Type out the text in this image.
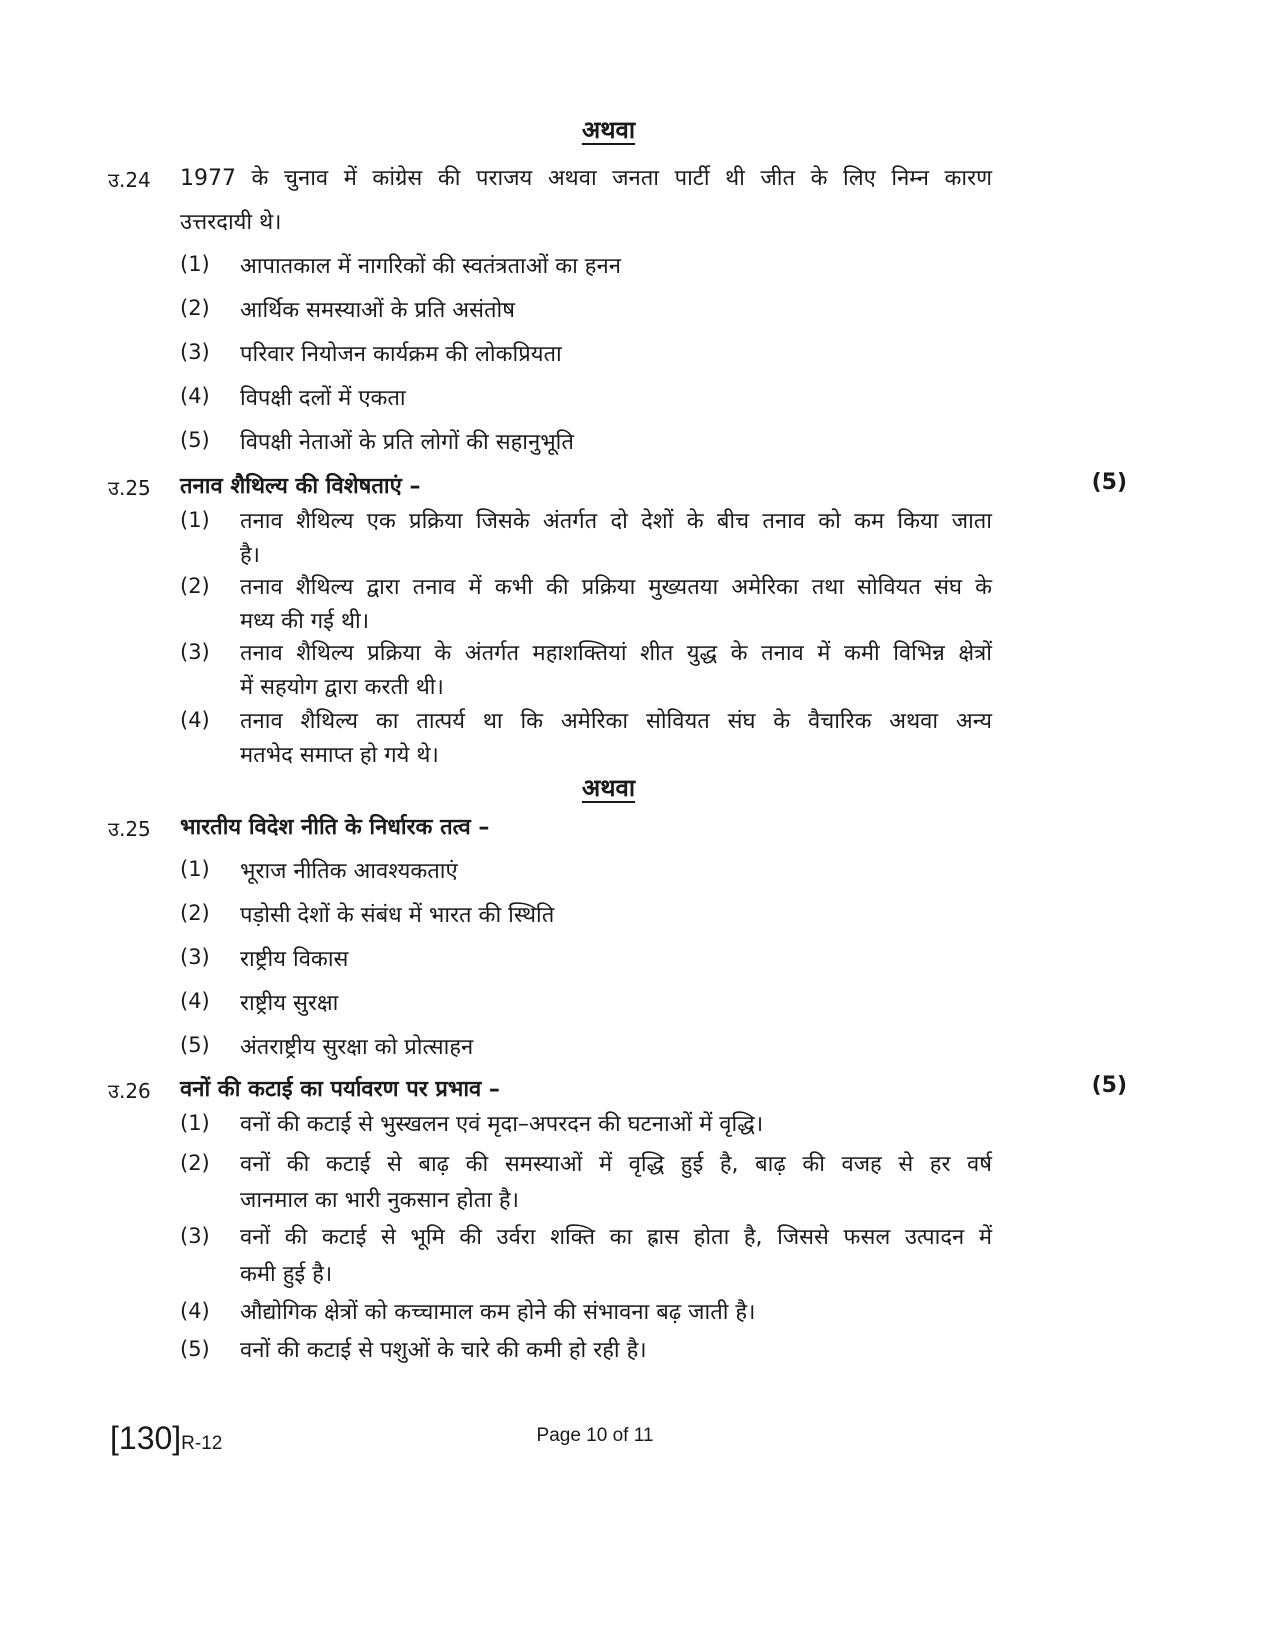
अथवा
उ.24 1977 के चुनाव में कांग्रेस की पराजय अथवा जनता पार्टी थी जीत के लिए निम्न कारण
उत्तरदायी थे।
(1) आपातकाल में नागरिकों की स्वतंत्रताओं का हनन
(2) आर्थिक समस्याओं के प्रति असंतोष
(3) परिवार नियोजन कार्यक्रम की लोकप्रियता
(4) विपक्षी दलों में एकता
(5) विपक्षी नेताओं के प्रति लोगों की सहानुभूति
उ.25 तनाव शैथिल्य की विशेषताएं –	(5)
(1) तनाव शैथिल्य एक प्रक्रिया जिसके अंतर्गत दो देशों के बीच तनाव को कम किया जाता
है।
(2) तनाव शैथिल्य द्वारा तनाव में कभी की प्रक्रिया मुख्यतया अमेरिका तथा सोवियत संघ के
मध्य की गई थी।
(3) तनाव शैथिल्य प्रक्रिया के अंतर्गत महाशक्तियां शीत युद्ध के तनाव में कमी विभिन्न क्षेत्रों
में सहयोग द्वारा करती थी।
(4) तनाव शैथिल्य का तात्पर्य था कि अमेरिका सोवियत संघ के वैचारिक अथवा अन्य
मतभेद समाप्त हो गये थे।
अथवा
उ.25 भारतीय विदेश नीति के निर्धारक तत्व –
(1) भूराज नीतिक आवश्यकताएं
(2) पड़ोसी देशों के संबंध में भारत की स्थिति
(3) राष्ट्रीय विकास
(4) राष्ट्रीय सुरक्षा
(5) अंतराष्ट्रीय सुरक्षा को प्रोत्साहन
उ.26 वनों की कटाई का पर्यावरण पर प्रभाव –	(5)
(1) वनों की कटाई से भुस्खलन एवं मृदा–अपरदन की घटनाओं में वृद्धि।
(2) वनों की कटाई से बाढ़ की समस्याओं में वृद्धि हुई है, बाढ़ की वजह से हर वर्ष
जानमाल का भारी नुकसान होता है।
(3) वनों की कटाई से भूमि की उर्वरा शक्ति का ह्रास होता है, जिससे फसल उत्पादन में
कमी हुई है।
(4) औद्योगिक क्षेत्रों को कच्चामाल कम होने की संभावना बढ़ जाती है।
(5) वनों की कटाई से पशुओं के चारे की कमी हो रही है।
[130]R-12	Page 10 of 11
